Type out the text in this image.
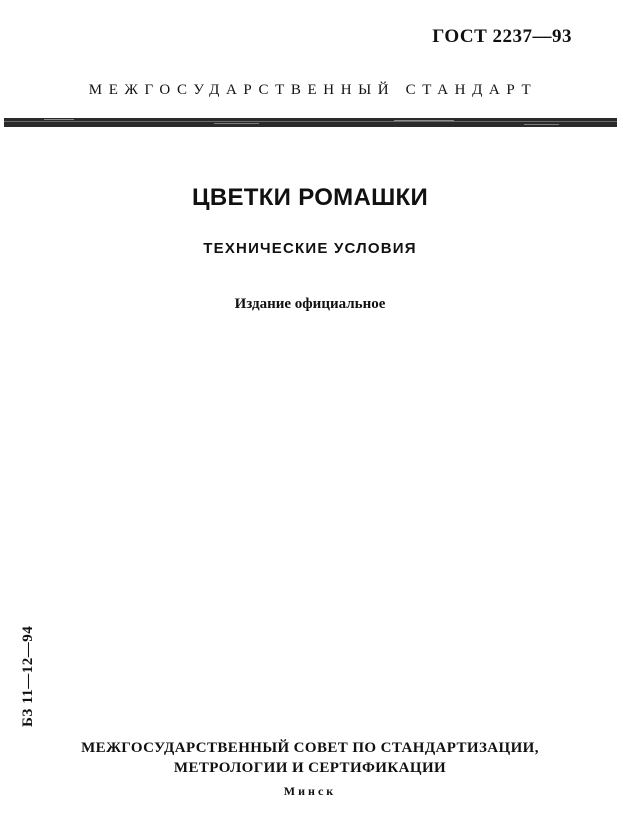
ГОСТ 2237—93
МЕЖГОСУДАРСТВЕННЫЙ СТАНДАРТ
ЦВЕТКИ РОМАШКИ
ТЕХНИЧЕСКИЕ УСЛОВИЯ
Издание официальное
БЗ 11—12—94
МЕЖГОСУДАРСТВЕННЫЙ СОВЕТ ПО СТАНДАРТИЗАЦИИ,
МЕТРОЛОГИИ И СЕРТИФИКАЦИИ
Минск
